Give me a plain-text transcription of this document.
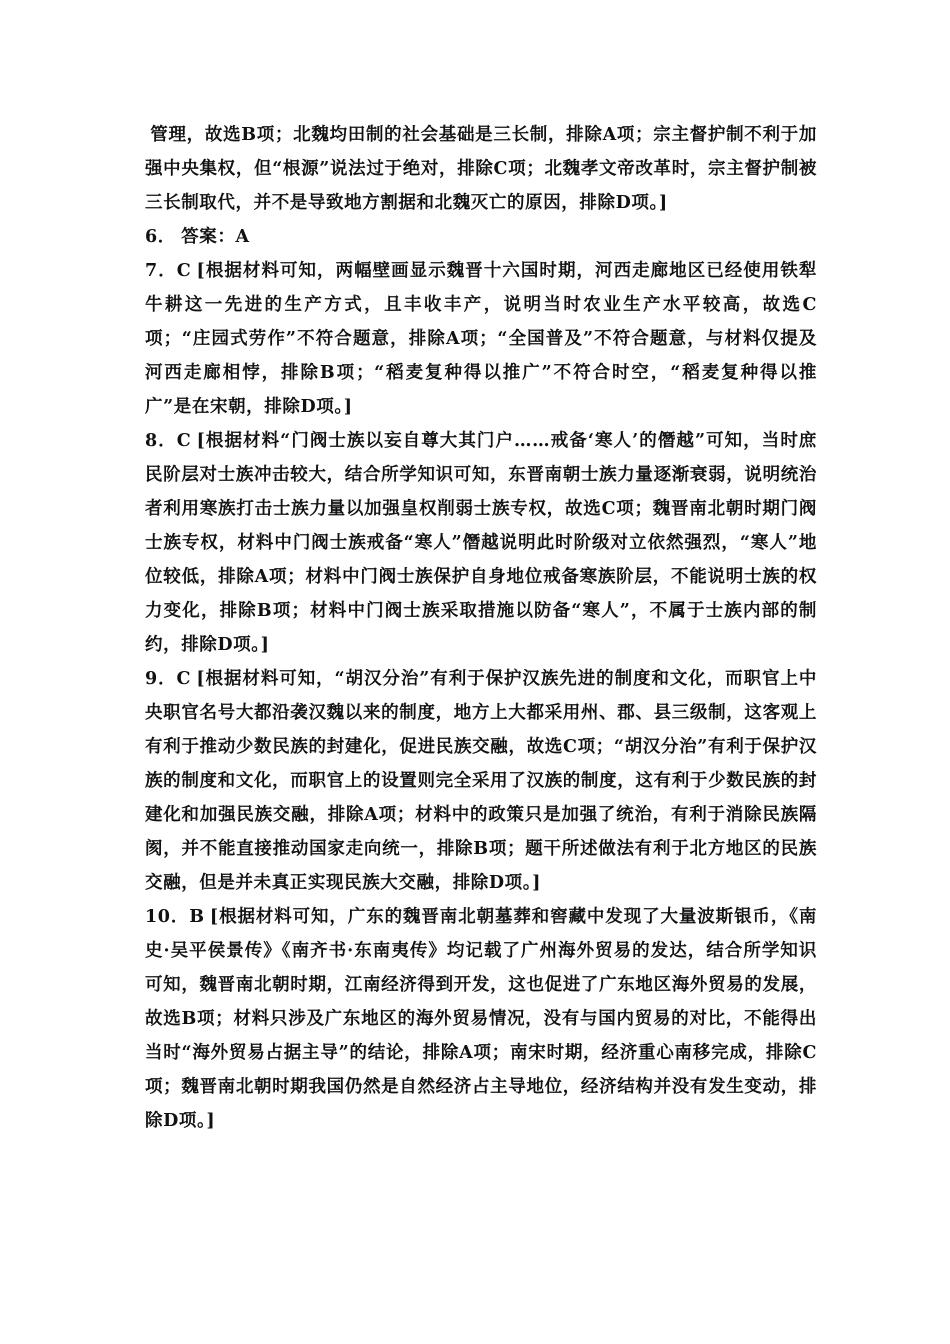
管理，故选B项；北魏均田制的社会基础是三长制，排除A项；宗主督护制不利于加强中央集权，但“根源”说法过于绝对，排除C项；北魏孝文帝改革时，宗主督护制被三长制取代，并不是导致地方割据和北魏灭亡的原因，排除D项。]

6． 答案：A

7．C [根据材料可知，两幅壁画显示魏晋十六国时期，河西走廊地区已经使用铁犁牛耕这一先进的生产方式，且丰收丰产，说明当时农业生产水平较高，故选C项；“庄园式劳作”不符合题意，排除A项；“全国普及”不符合题意，与材料仅提及河西走廊相悖，排除B项；“稻麦复种得以推广”不符合时空，“稻麦复种得以推广”是在宋朝，排除D项。]

8．C [根据材料“门阀士族以妄自尊大其门户……戒备‘寒人’的僭越”可知，当时庶民阶层对士族冲击较大，结合所学知识可知，东晋南朝士族力量逐渐衰弱，说明统治者利用寒族打击士族力量以加强皇权削弱士族专权，故选C项；魏晋南北朝时期门阀士族专权，材料中门阀士族戒备“寒人”僭越说明此时阶级对立依然强烈，“寒人”地位较低，排除A项；材料中门阀士族保护自身地位戒备寒族阶层，不能说明士族的权力变化，排除B项；材料中门阀士族采取措施以防备“寒人”，不属于士族内部的制约，排除D项。]

9．C [根据材料可知，“胡汉分治”有利于保护汉族先进的制度和文化，而职官上中央职官名号大都沿袭汉魏以来的制度，地方上大都采用州、郡、县三级制，这客观上有利于推动少数民族的封建化，促进民族交融，故选C项；“胡汉分治”有利于保护汉族的制度和文化，而职官上的设置则完全采用了汉族的制度，这有利于少数民族的封建化和加强民族交融，排除A项；材料中的政策只是加强了统治，有利于消除民族隔阂，并不能直接推动国家走向统一，排除B项；题干所述做法有利于北方地区的民族交融，但是并未真正实现民族大交融，排除D项。]

10．B [根据材料可知，广东的魏晋南北朝墓葬和窖藏中发现了大量波斯银币，《南史·吴平侯景传》《南齐书·东南夷传》均记载了广州海外贸易的发达，结合所学知识可知，魏晋南北朝时期，江南经济得到开发，这也促进了广东地区海外贸易的发展，故选B项；材料只涉及广东地区的海外贸易情况，没有与国内贸易的对比，不能得出当时“海外贸易占据主导”的结论，排除A项；南宋时期，经济重心南移完成，排除C项；魏晋南北朝时期我国仍然是自然经济占主导地位，经济结构并没有发生变动，排除D项。]
